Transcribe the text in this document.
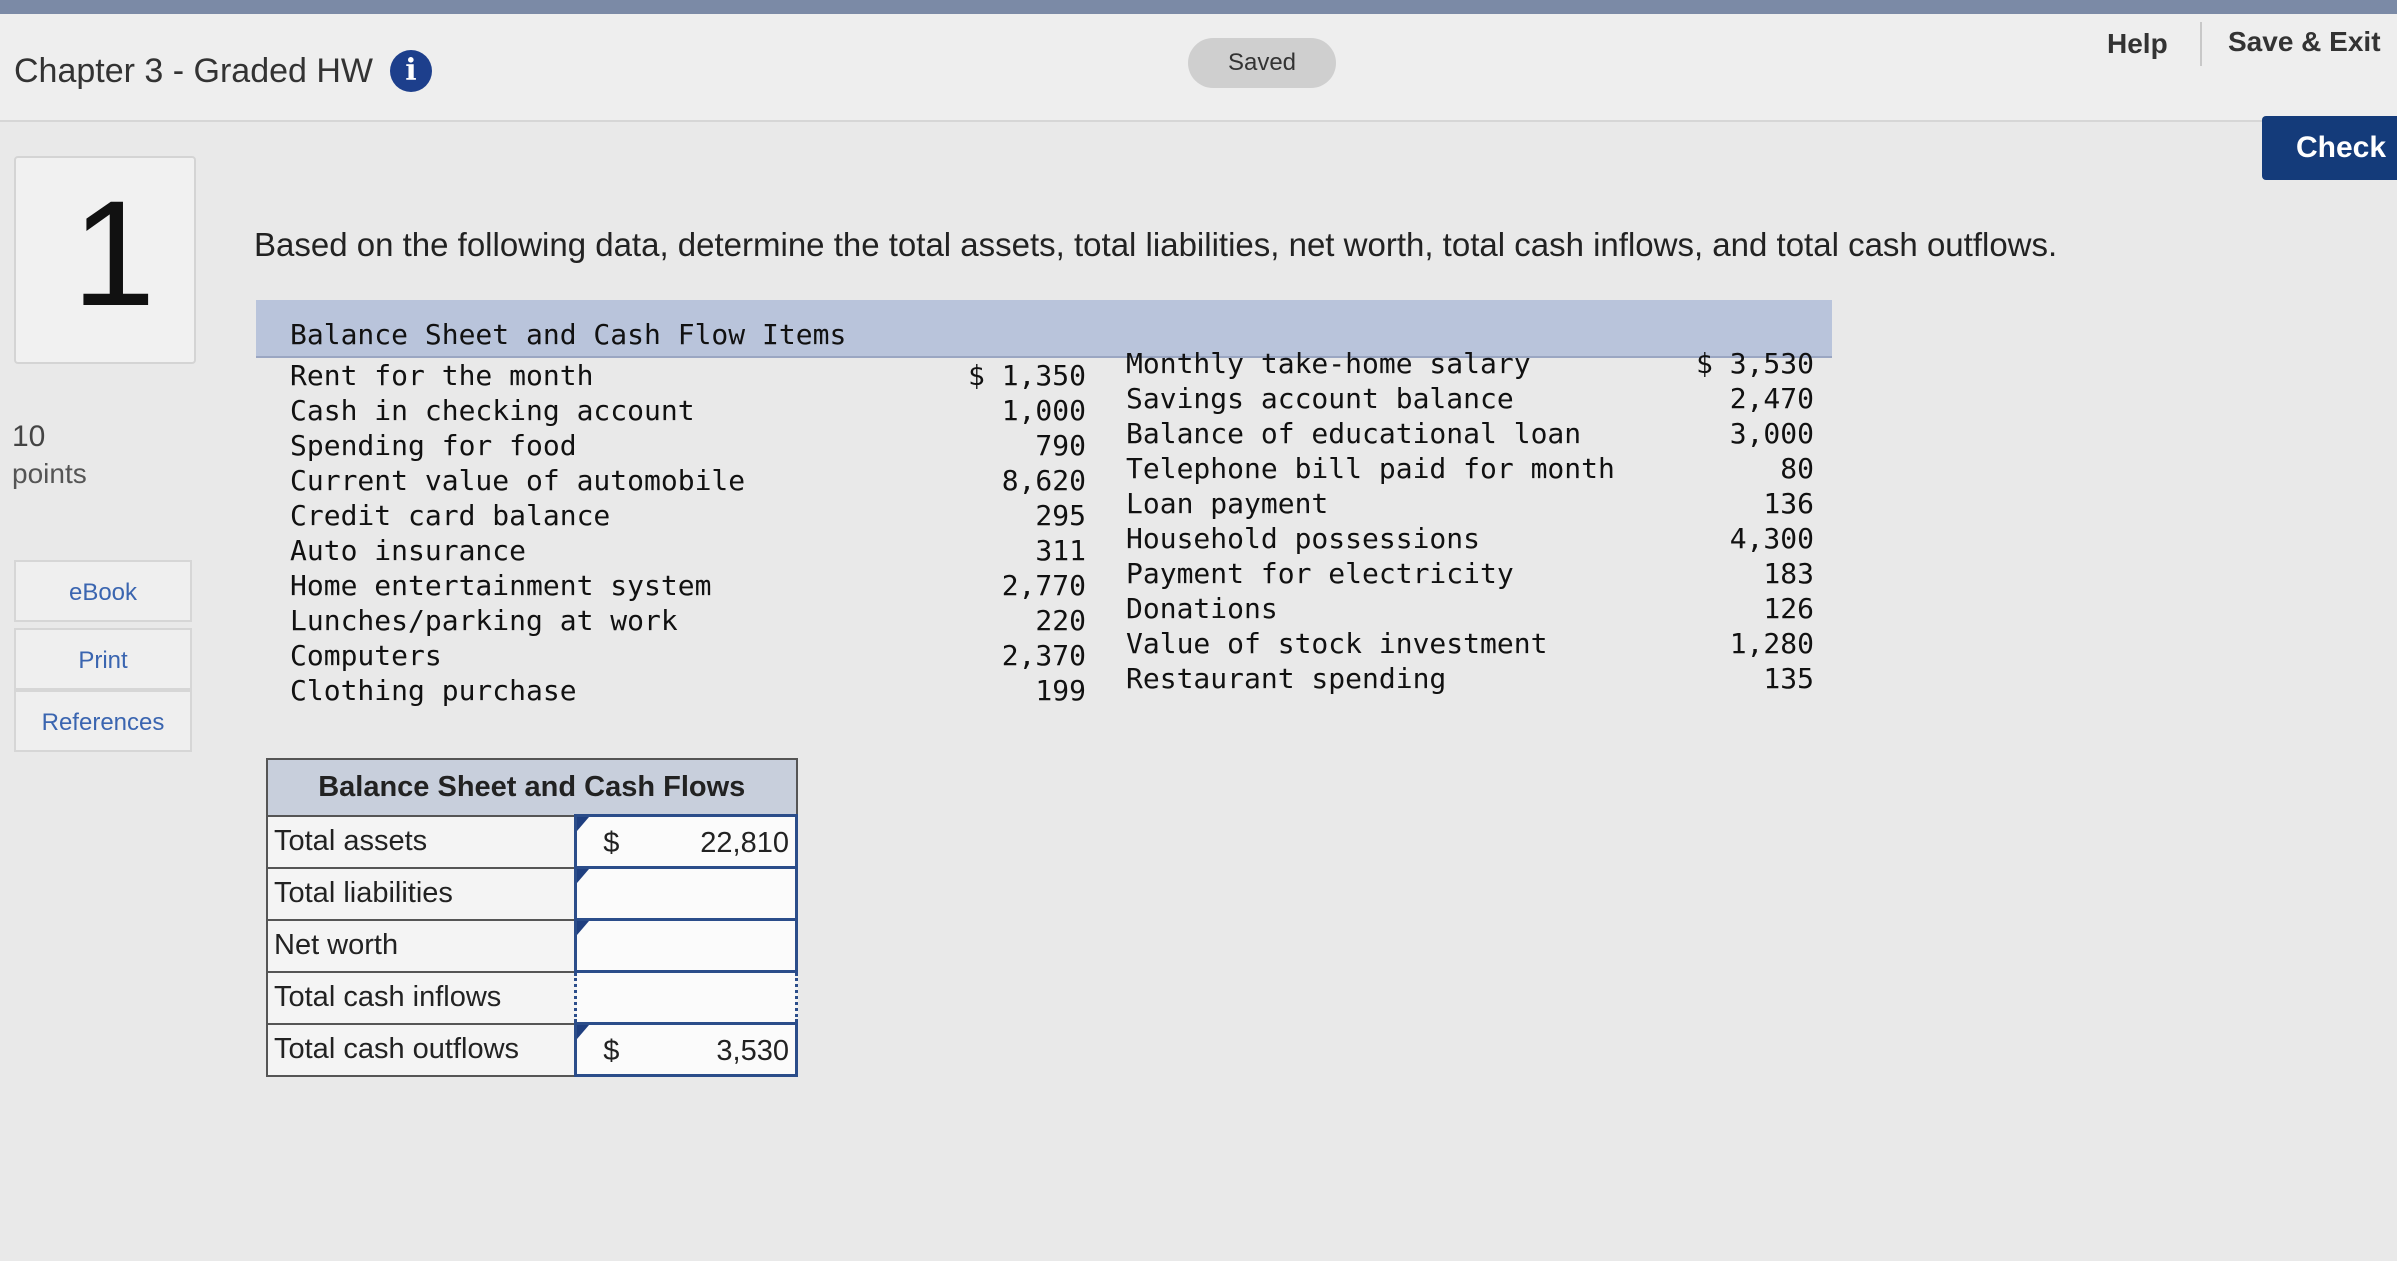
Chapter 3 - Graded HW	i	Saved
Help Save & Exit
Check
1
10
points
eBook
Print
References
Based on the following data, determine the total assets, total liabilities, net worth, total cash inflows, and total cash outflows.
Balance Sheet and Cash Flow Items
Rent for the month	$ 1,350
Cash in checking account	1,000
Spending for food	790
Current value of automobile	8,620
Credit card balance	295
Auto insurance	311
Home entertainment system	2,770
Lunches/parking at work	220
Computers	2,370
Clothing purchase	199
Monthly take-home salary	$ 3,530
Savings account balance	2,470
Balance of educational loan	3,000
Telephone bill paid for month	80
Loan payment	136
Household possessions	4,300
Payment for electricity	183
Donations	126
Value of stock investment	1,280
Restaurant spending	135
Balance Sheet and Cash Flows	
Total assets	$ 22,810

Total liabilities	

Net worth	

Total cash inflows	

Total cash outflows	$ 3,530
